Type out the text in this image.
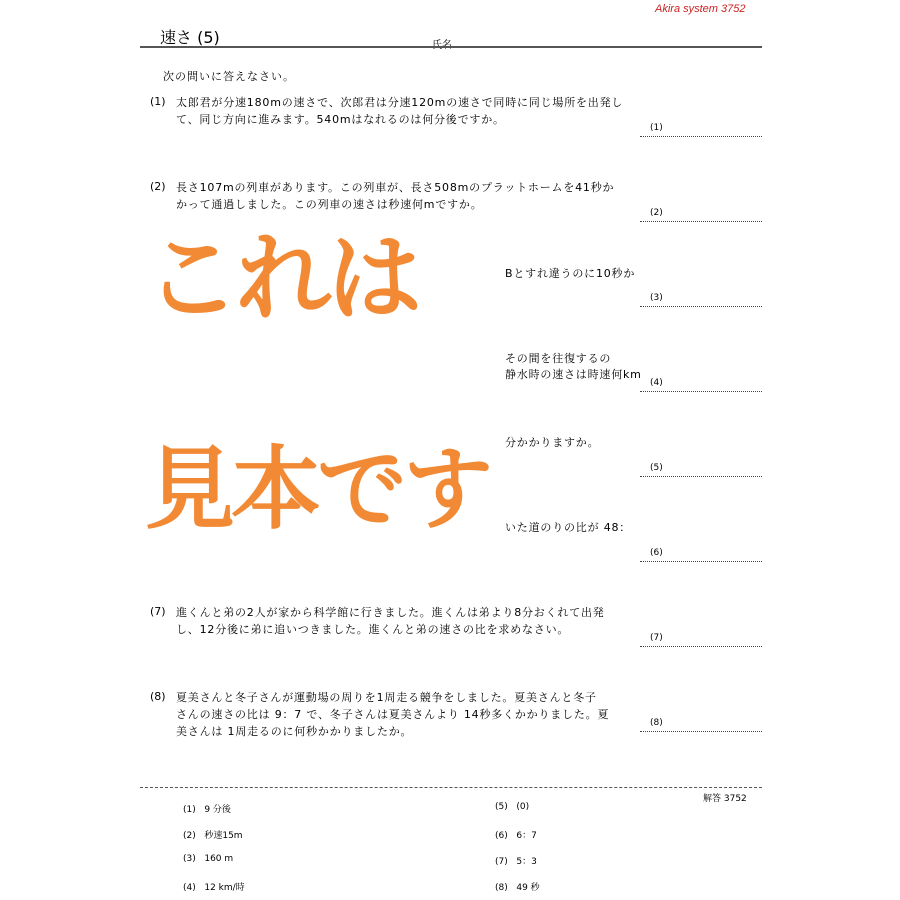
Akira system 3752
速さ (5)	氏名
次の問いに答えなさい。
(1) 太郎君が分速180mの速さで、次郎君は分速120mの速さで同時に同じ場所を出発し
て、同じ方向に進みます。540mはなれるのは何分後ですか。
(1)
(2) 長さ107mの列車があります。この列車が、長さ508mのプラットホームを41秒か
かって通過しました。この列車の速さは秒速何mですか。
(2)
Bとすれ違うのに10秒か
(3)
その間を往復するの
静水時の速さは時速何km
(4)
分かかりますか。
(5)
いた道のりの比が 48：
(6)
(7) 進くんと弟の2人が家から科学館に行きました。進くんは弟より8分おくれて出発
し、12分後に弟に追いつきました。進くんと弟の速さの比を求めなさい。
(7)
(8) 夏美さんと冬子さんが運動場の周りを1周走る競争をしました。夏美さんと冬子
さんの速さの比は 9：7 で、冬子さんは夏美さんより 14秒多くかかりました。夏
美さんは 1周走るのに何秒かかりましたか。
(8)
これは
見本です
解答 3752
(1) 9 分後
(2) 秒速15m
(3) 160 m
(4) 12 km/時
(5) (0)
(6) 6：7
(7) 5：3
(8) 49 秒
